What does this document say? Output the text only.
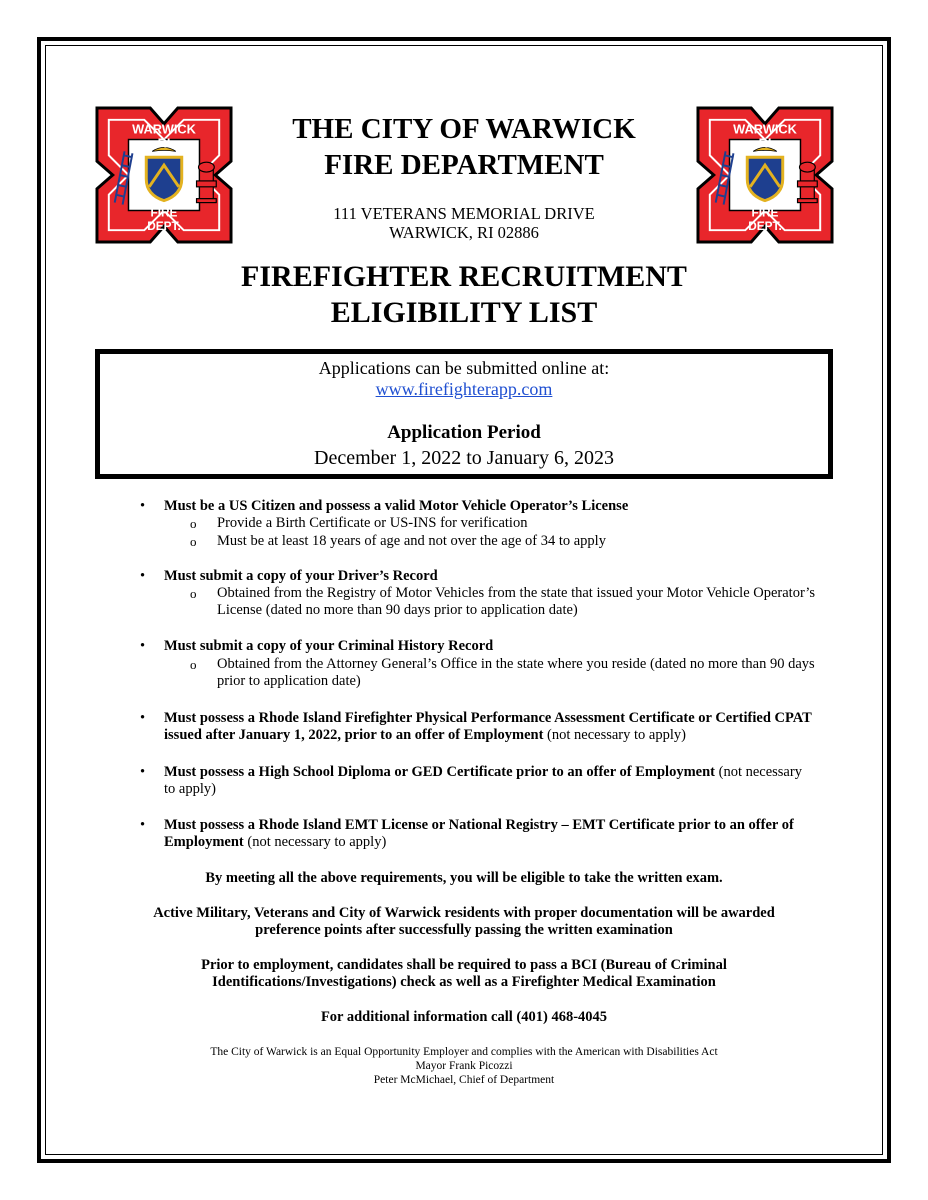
WARWICK
RI
FIRE
DEPT.
WARWICK
RI
FIRE
DEPT.
THE CITY OF WARWICK
FIRE DEPARTMENT
111 VETERANS MEMORIAL DRIVE
WARWICK, RI 02886
FIREFIGHTER RECRUITMENT
ELIGIBILITY LIST
Applications can be submitted online at:
www.firefighterapp.com
Application Period
December 1, 2022 to January 6, 2023
• Must be a US Citizen and possess a valid Motor Vehicle Operator’s License
o Provide a Birth Certificate or US-INS for verification
o Must be at least 18 years of age and not over the age of 34 to apply
• Must submit a copy of your Driver’s Record
o Obtained from the Registry of Motor Vehicles from the state that issued your Motor Vehicle Operator’s License (dated no more than 90 days prior to application date)
• Must submit a copy of your Criminal History Record
o Obtained from the Attorney General’s Office in the state where you reside (dated no more than 90 days prior to application date)
• Must possess a Rhode Island Firefighter Physical Performance Assessment Certificate or Certified CPAT issued after January 1, 2022, prior to an offer of Employment (not necessary to apply)
• Must possess a High School Diploma or GED Certificate prior to an offer of Employment (not necessary to apply)
• Must possess a Rhode Island EMT License or National Registry – EMT Certificate prior to an offer of Employment (not necessary to apply)
By meeting all the above requirements, you will be eligible to take the written exam.
Active Military, Veterans and City of Warwick residents with proper documentation will be awarded
preference points after successfully passing the written examination
Prior to employment, candidates shall be required to pass a BCI (Bureau of Criminal
Identifications/Investigations) check as well as a Firefighter Medical Examination
For additional information call (401) 468-4045
The City of Warwick is an Equal Opportunity Employer and complies with the American with Disabilities Act
Mayor Frank Picozzi
Peter McMichael, Chief of Department
